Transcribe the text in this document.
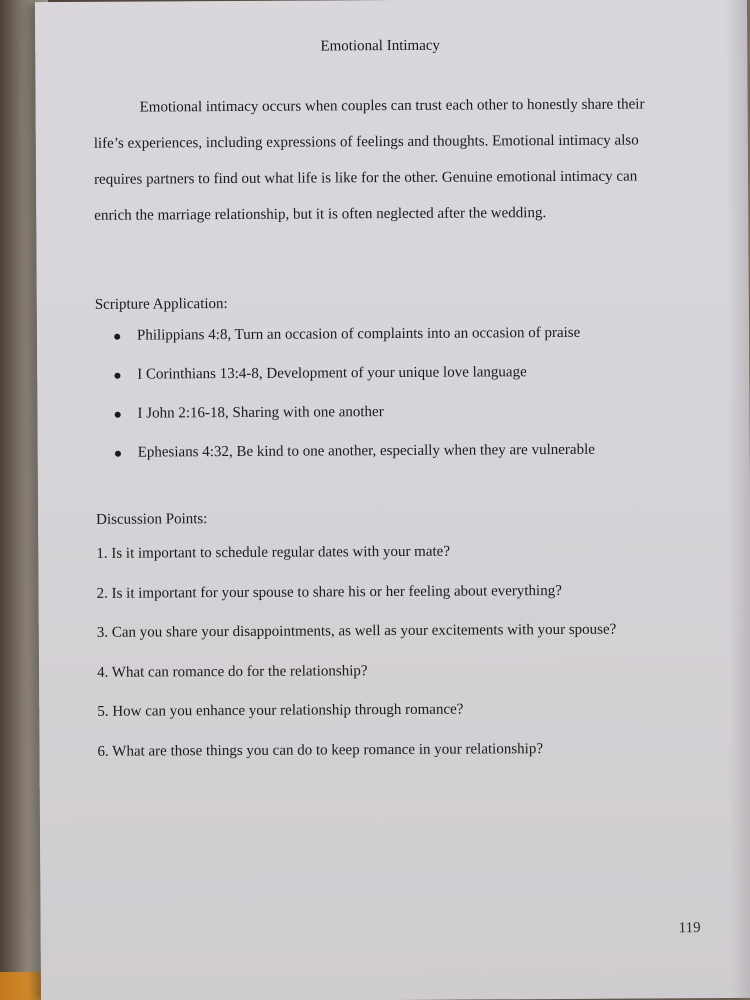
Emotional Intimacy

Emotional intimacy occurs when couples can trust each other to honestly share their life’s experiences, including expressions of feelings and thoughts. Emotional intimacy also requires partners to find out what life is like for the other. Genuine emotional intimacy can enrich the marriage relationship, but it is often neglected after the wedding.

Scripture Application:

● Philippians 4:8, Turn an occasion of complaints into an occasion of praise
● I Corinthians 13:4-8, Development of your unique love language
● I John 2:16-18, Sharing with one another
● Ephesians 4:32, Be kind to one another, especially when they are vulnerable

Discussion Points:

1. Is it important to schedule regular dates with your mate?
2. Is it important for your spouse to share his or her feeling about everything?
3. Can you share your disappointments, as well as your excitements with your spouse?
4. What can romance do for the relationship?
5. How can you enhance your relationship through romance?
6. What are those things you can do to keep romance in your relationship?
119
